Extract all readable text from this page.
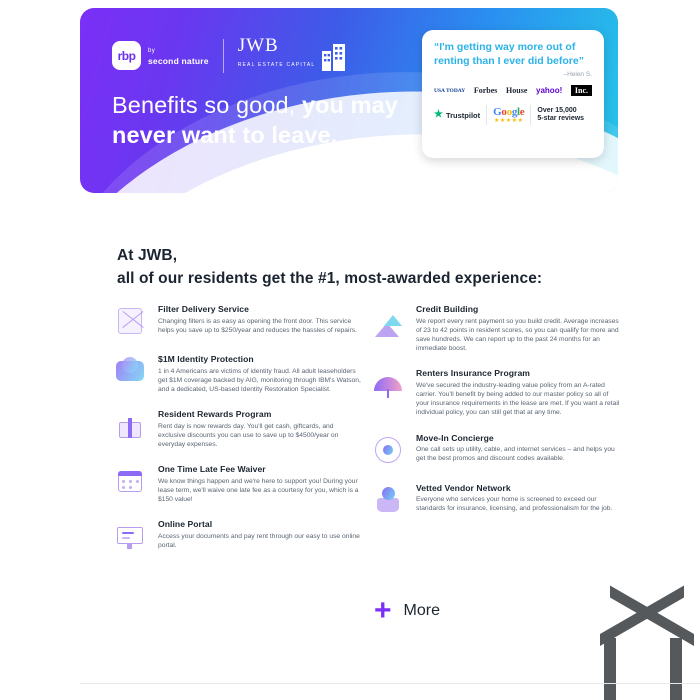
rbp	by
second nature
JWB
REAL ESTATE CAPITAL
Benefits so good, you may
never want to leave.
“I'm getting way more out of renting than I ever did before”
–Helen S.
USA TODAY Forbes House yahoo!	Inc.
★ Trustpilot Google
★★★★★
Over 15,000
5-star reviews
At JWB,
all of our residents get the #1, most-awarded experience:
Filter Delivery Service
Changing filters is as easy as opening the front door. This service helps you save up to $250/year and reduces the hassles of repairs.
$1M Identity Protection
1 in 4 Americans are victims of identity fraud. All adult leaseholders get $1M coverage backed by AIG, monitoring through IBM's Watson, and a dedicated, US-based Identity Restoration Specialist.
Resident Rewards Program
Rent day is now rewards day. You'll get cash, giftcards, and exclusive discounts you can use to save up to $4500/year on everyday expenses.
One Time Late Fee Waiver
We know things happen and we're here to support you! During your lease term, we'll waive one late fee as a courtesy for you, which is a $150 value!
Online Portal
Access your documents and pay rent through our easy to use online portal.
Credit Building
We report every rent payment so you build credit. Average increases of 23 to 42 points in resident scores, so you can qualify for more and save hundreds. We can report up to the past 24 months for an immediate boost.
Renters Insurance Program
We've secured the industry-leading value policy from an A-rated carrier. You'll benefit by being added to our master policy so all of your insurance requirements in the lease are met. If you want a retail individual policy, you can still get that at any time.
Move-In Concierge
One call sets up utility, cable, and internet services – and helps you get the best promos and discount codes available.
Vetted Vendor Network
Everyone who services your home is screened to exceed our standards for insurance, licensing, and professionalism for the job.
+ More
